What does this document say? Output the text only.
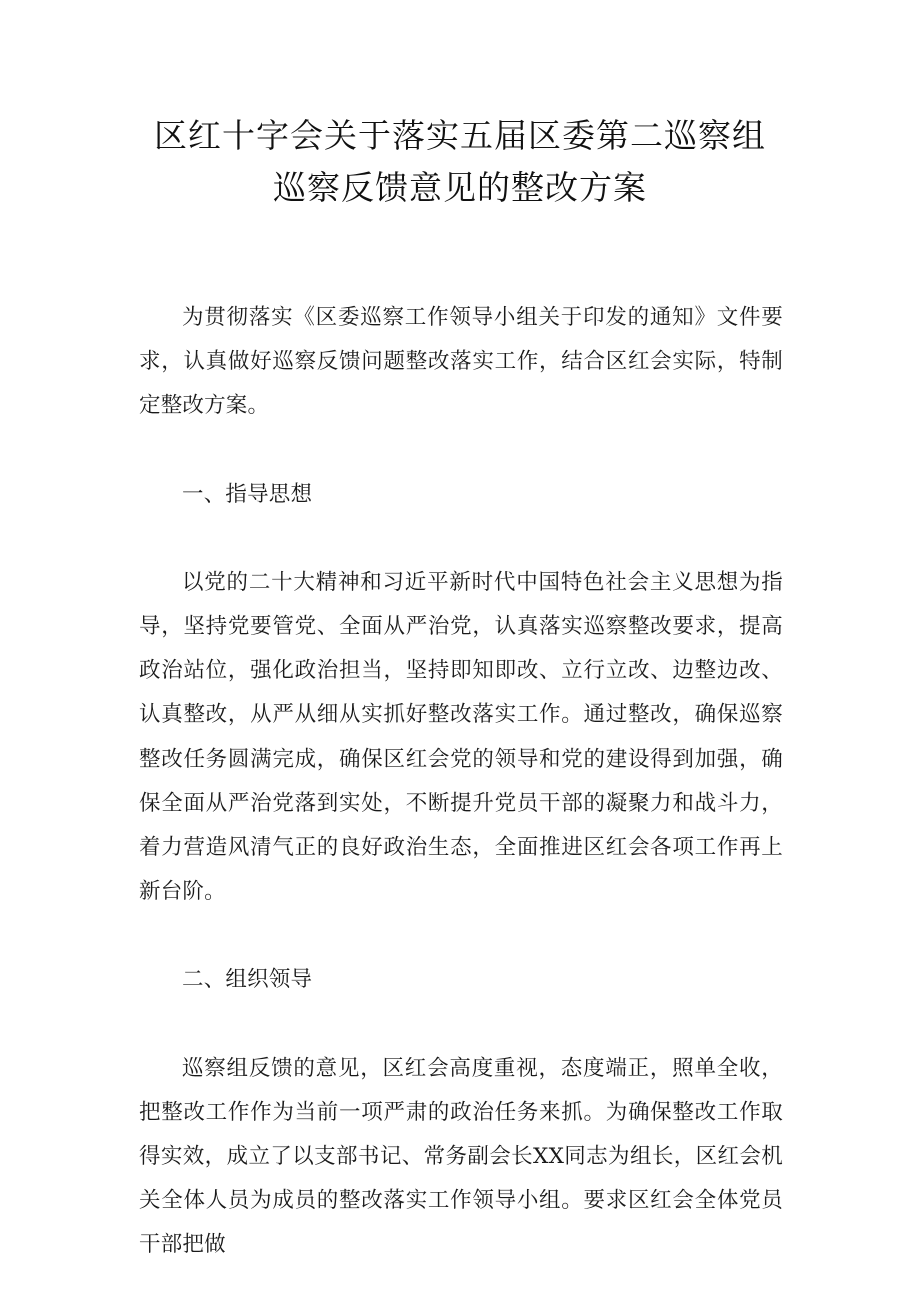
区红十字会关于落实五届区委第二巡察组
巡察反馈意见的整改方案

为贯彻落实《区委巡察工作领导小组关于印发的通知》文件要求，认真做好巡察反馈问题整改落实工作，结合区红会实际，特制定整改方案。

一、指导思想

以党的二十大精神和习近平新时代中国特色社会主义思想为指导，坚持党要管党、全面从严治党，认真落实巡察整改要求，提高政治站位，强化政治担当，坚持即知即改、立行立改、边整边改、认真整改，从严从细从实抓好整改落实工作。通过整改，确保巡察整改任务圆满完成，确保区红会党的领导和党的建设得到加强，确保全面从严治党落到实处，不断提升党员干部的凝聚力和战斗力，着力营造风清气正的良好政治生态，全面推进区红会各项工作再上新台阶。

二、组织领导

巡察组反馈的意见，区红会高度重视，态度端正，照单全收，把整改工作作为当前一项严肃的政治任务来抓。为确保整改工作取得实效，成立了以支部书记、常务副会长XX同志为组长，区红会机关全体人员为成员的整改落实工作领导小组。要求区红会全体党员干部把做
